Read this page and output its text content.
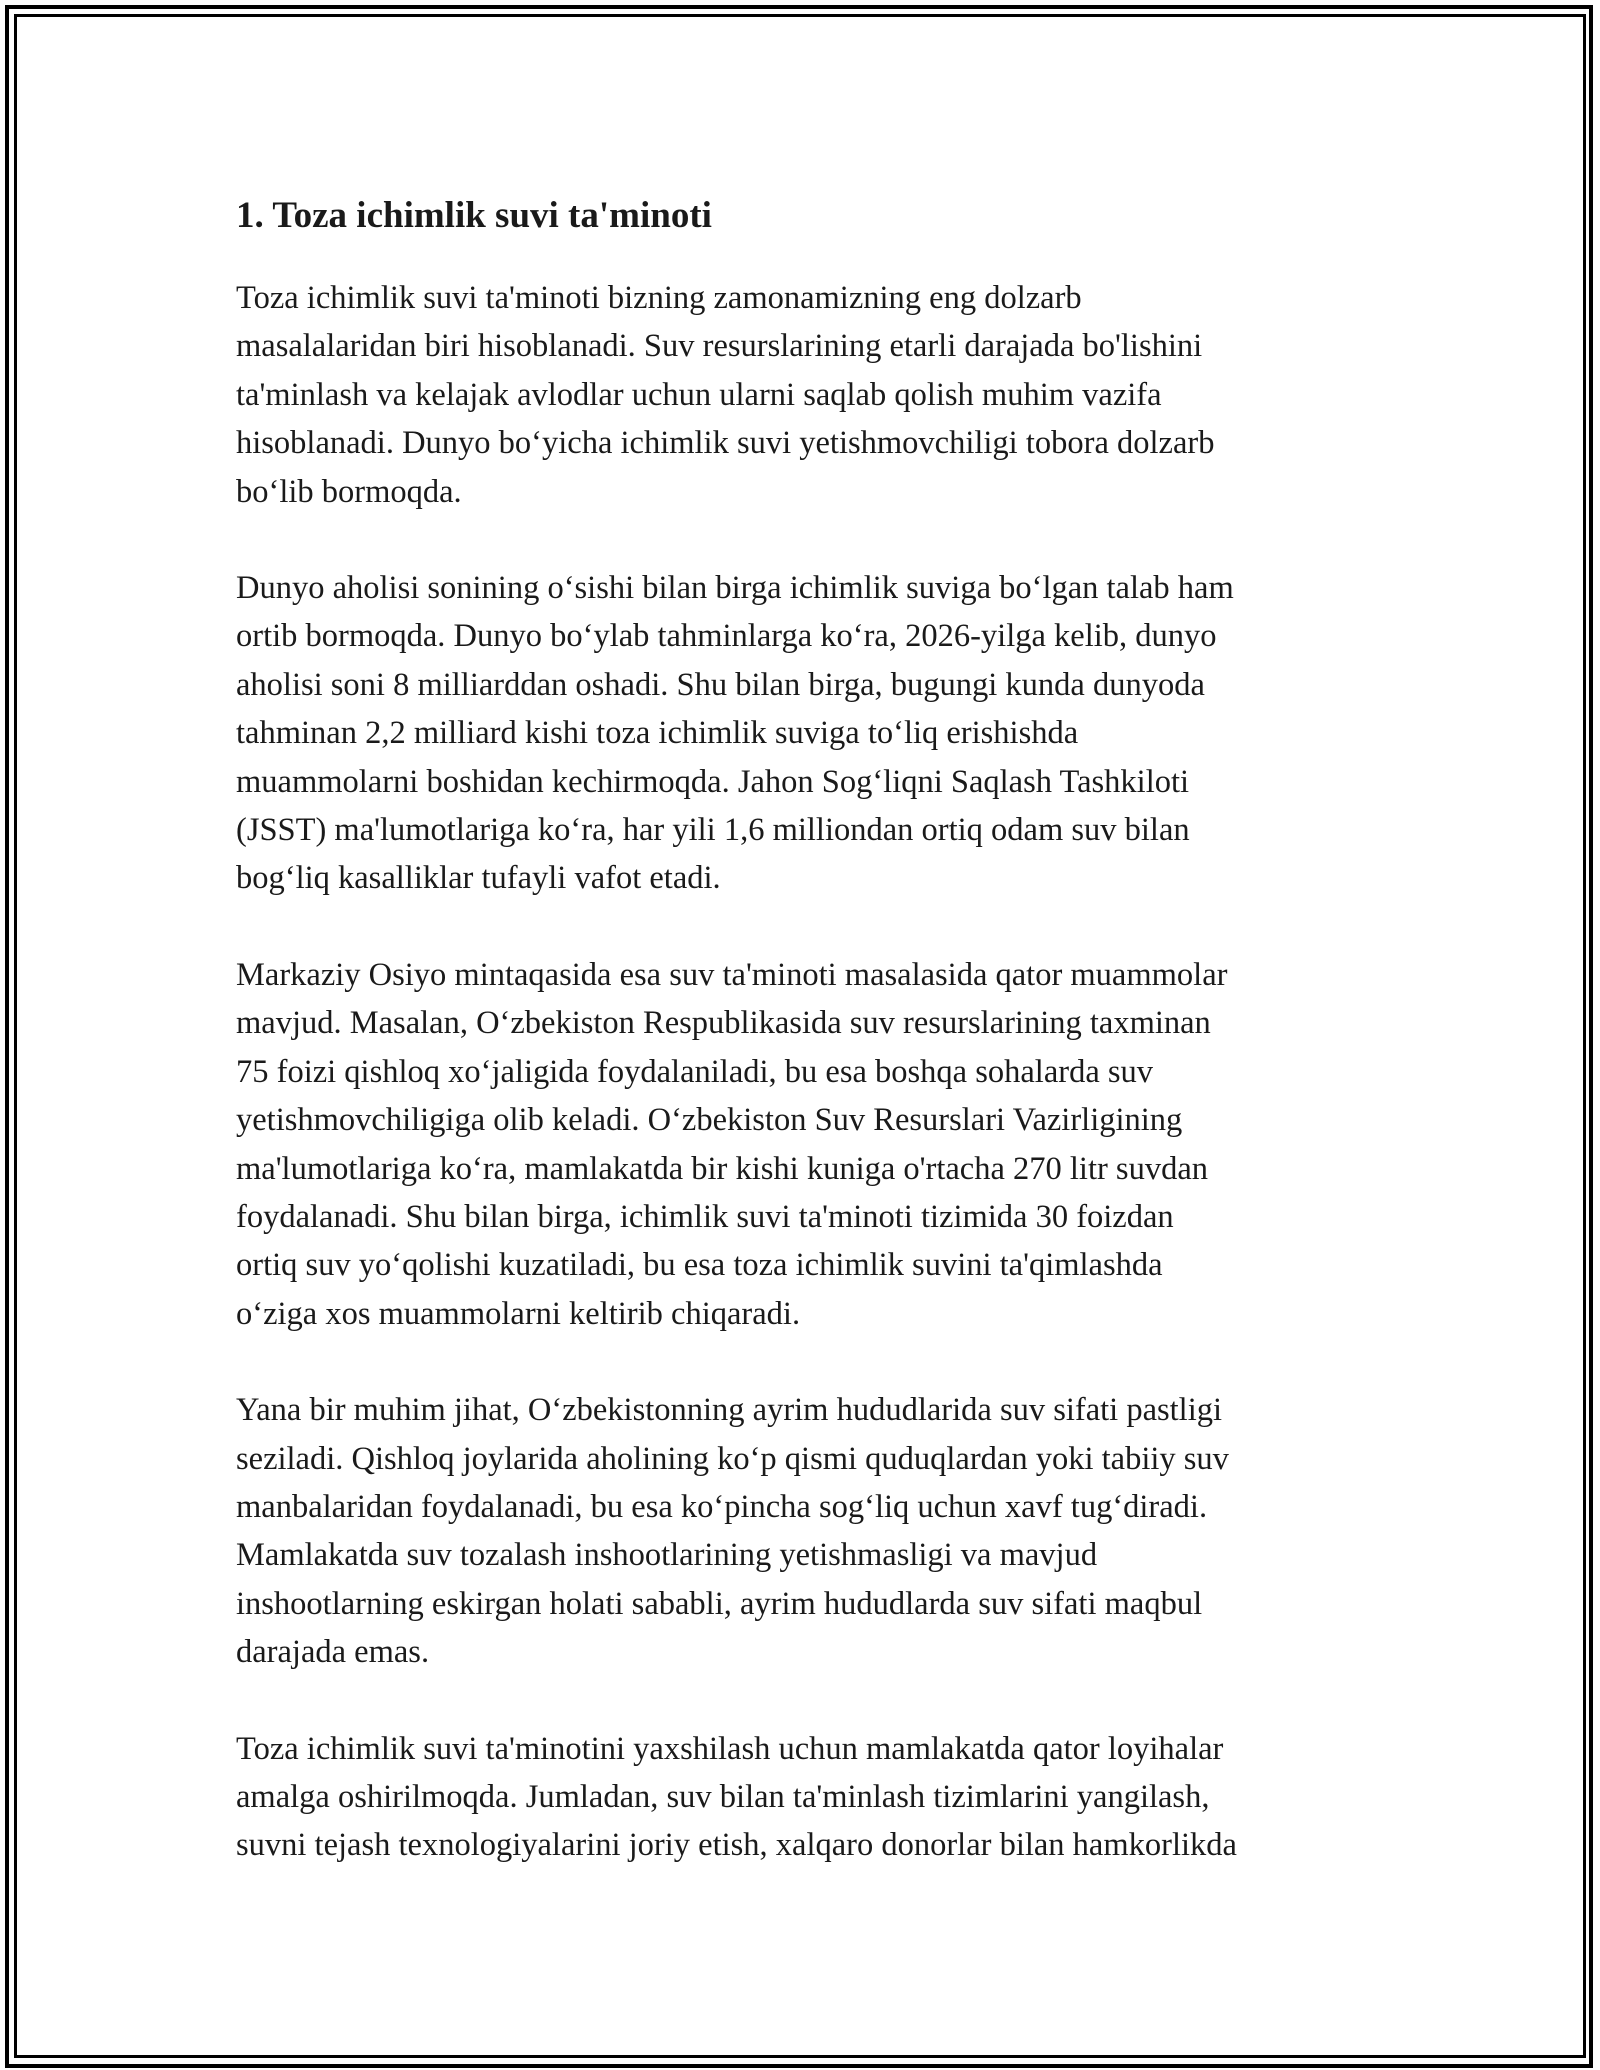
1. Toza ichimlik suvi ta'minoti

Toza ichimlik suvi ta'minoti bizning zamonamizning eng dolzarb
masalalaridan biri hisoblanadi. Suv resurslarining etarli darajada bo'lishini
ta'minlash va kelajak avlodlar uchun ularni saqlab qolish muhim vazifa
hisoblanadi. Dunyo bo‘yicha ichimlik suvi yetishmovchiligi tobora dolzarb
bo‘lib bormoqda.

Dunyo aholisi sonining o‘sishi bilan birga ichimlik suviga bo‘lgan talab ham
ortib bormoqda. Dunyo bo‘ylab tahminlarga ko‘ra, 2026-yilga kelib, dunyo
aholisi soni 8 milliarddan oshadi. Shu bilan birga, bugungi kunda dunyoda
tahminan 2,2 milliard kishi toza ichimlik suviga to‘liq erishishda
muammolarni boshidan kechirmoqda. Jahon Sog‘liqni Saqlash Tashkiloti
(JSST) ma'lumotlariga ko‘ra, har yili 1,6 milliondan ortiq odam suv bilan
bog‘liq kasalliklar tufayli vafot etadi.

Markaziy Osiyo mintaqasida esa suv ta'minoti masalasida qator muammolar
mavjud. Masalan, O‘zbekiston Respublikasida suv resurslarining taxminan
75 foizi qishloq xo‘jaligida foydalaniladi, bu esa boshqa sohalarda suv
yetishmovchiligiga olib keladi. O‘zbekiston Suv Resurslari Vazirligining
ma'lumotlariga ko‘ra, mamlakatda bir kishi kuniga o'rtacha 270 litr suvdan
foydalanadi. Shu bilan birga, ichimlik suvi ta'minoti tizimida 30 foizdan
ortiq suv yo‘qolishi kuzatiladi, bu esa toza ichimlik suvini ta'qimlashda
o‘ziga xos muammolarni keltirib chiqaradi.

Yana bir muhim jihat, O‘zbekistonning ayrim hududlarida suv sifati pastligi
seziladi. Qishloq joylarida aholining ko‘p qismi quduqlardan yoki tabiiy suv
manbalaridan foydalanadi, bu esa ko‘pincha sog‘liq uchun xavf tug‘diradi.
Mamlakatda suv tozalash inshootlarining yetishmasligi va mavjud
inshootlarning eskirgan holati sababli, ayrim hududlarda suv sifati maqbul
darajada emas.

Toza ichimlik suvi ta'minotini yaxshilash uchun mamlakatda qator loyihalar
amalga oshirilmoqda. Jumladan, suv bilan ta'minlash tizimlarini yangilash,
suvni tejash texnologiyalarini joriy etish, xalqaro donorlar bilan hamkorlikda
